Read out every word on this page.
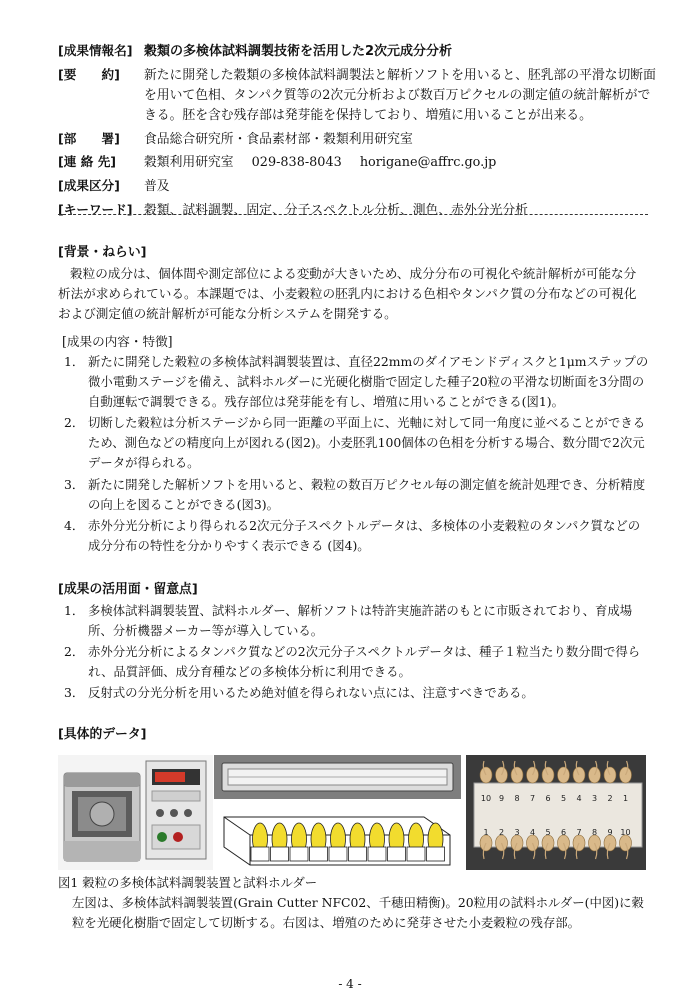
[成果情報名] 穀類の多検体試料調製技術を活用した2次元成分分析
[要　　約]	新たに開発した穀類の多検体試料調製法と解析ソフトを用いると、胚乳部の平滑な切断面を用いて色相、タンパク質等の2次元分析および数百万ピクセルの測定値の統計解析ができる。胚を含む残存部は発芽能を保持しており、増殖に用いることが出来る。
[部　　署]	食品総合研究所・食品素材部・穀類利用研究室
[連 絡 先]	穀類利用研究室 029-838-8043 horigane@affrc.go.jp
[成果区分]	普及
[キーワード] 穀類、試料調製、固定、分子スペクトル分析、測色、赤外分光分析
[背景・ねらい]
穀粒の成分は、個体間や測定部位による変動が大きいため、成分分布の可視化や統計解析が可能な分析法が求められている。本課題では、小麦穀粒の胚乳内における色相やタンパク質の分布などの可視化および測定値の統計解析が可能な分析システムを開発する。
[成果の内容・特徴]
1． 新たに開発した穀粒の多検体試料調製装置は、直径22mmのダイアモンドディスクと1μmステップの微小電動ステージを備え、試料ホルダーに光硬化樹脂で固定した種子20粒の平滑な切断面を3分間の自動運転で調製できる。残存部位は発芽能を有し、増殖に用いることができる(図1)。
2． 切断した穀粒は分析ステージから同一距離の平面上に、光軸に対して同一角度に並べることができるため、測色などの精度向上が図れる(図2)。小麦胚乳100個体の色相を分析する場合、数分間で2次元データが得られる。
3． 新たに開発した解析ソフトを用いると、穀粒の数百万ピクセル毎の測定値を統計処理でき、分析精度の向上を図ることができる(図3)。
4． 赤外分光分析により得られる2次元分子スペクトルデータは、多検体の小麦穀粒のタンパク質などの成分分布の特性を分かりやすく表示できる (図4)。
[成果の活用面・留意点]
1． 多検体試料調製装置、試料ホルダー、解析ソフトは特許実施許諾のもとに市販されており、育成場所、分析機器メーカー等が導入している。
2． 赤外分光分析によるタンパク質などの2次元分子スペクトルデータは、種子１粒当たり数分間で得られ、品質評価、成分育種などの多検体分析に利用できる。
3． 反射式の分光分析を用いるため絶対値を得られない点には、注意すべきである。
[具体的データ]
10 9 8 7 6 5 4 3 2 1
1 2 3 4 5 6 7 8 9 10
図1 穀粒の多検体試料調製装置と試料ホルダー
左図は、多検体試料調製装置(Grain Cutter NFC02、千穂田精衡)。20粒用の試料ホルダー(中図)に穀粒を光硬化樹脂で固定して切断する。右図は、増殖のために発芽させた小麦穀粒の残存部。
- 4 -
